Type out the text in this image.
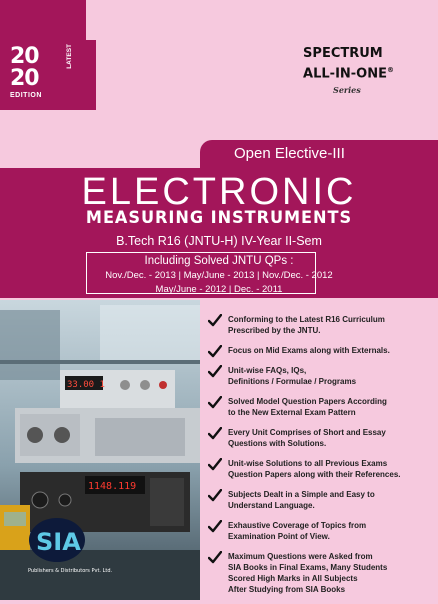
20
20
LATEST
EDITION
SPECTRUM
ALL-IN-ONE®
Series
Open Elective-III
ELECTRONIC
MEASURING INSTRUMENTS
B.Tech R16 (JNTU-H) IV-Year II-Sem
Including Solved JNTU QPs :
Nov./Dec. - 2013 | May/June - 2013 | Nov./Dec. - 2012
May/June - 2012 | Dec. - 2011
33.00 1
1148.119
SIA
Publishers & Distributors Pvt. Ltd.
Conforming to the Latest R16 Curriculum
Prescribed by the JNTU.
Focus on Mid Exams along with Externals.
Unit-wise FAQs, IQs,
Definitions / Formulae / Programs
Solved Model Question Papers According
to the New External Exam Pattern
Every Unit Comprises of Short and Essay
Questions with Solutions.
Unit-wise Solutions to all Previous Exams
Question Papers along with their References.
Subjects Dealt in a Simple and Easy to
Understand Language.
Exhaustive Coverage of Topics from
Examination Point of View.
Maximum Questions were Asked from
SIA Books in Final Exams, Many Students
Scored High Marks in All Subjects
After Studying from SIA Books
